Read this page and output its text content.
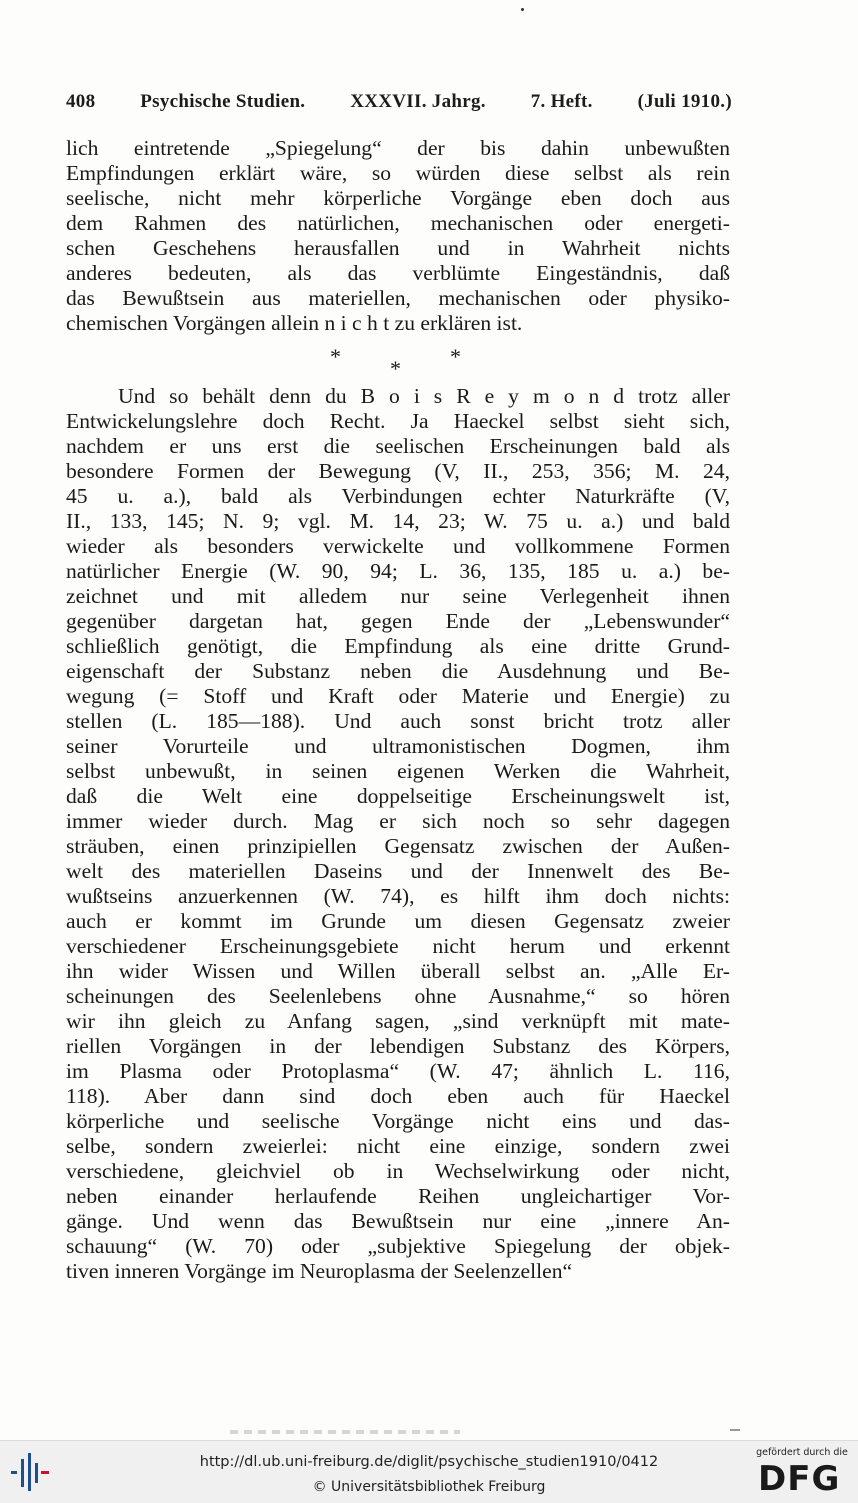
408 Psychische Studien. XXXVII. Jahrg. 7. Heft. (Juli 1910.)
lich eintretende „Spiegelung“ der bis dahin unbewußten
Empfindungen erklärt wäre, so würden diese selbst als rein
seelische, nicht mehr körperliche Vorgänge eben doch aus
dem Rahmen des natürlichen, mechanischen oder energeti-
schen Geschehens herausfallen und in Wahrheit nichts
anderes bedeuten, als das verblümte Eingeständnis, daß
das Bewußtsein aus materiellen, mechanischen oder physiko-
chemischen Vorgängen allein n i c h t zu erklären ist.
* * *
Und so behält denn du B o i s R e y m o n d trotz aller
Entwickelungslehre doch Recht. Ja Haeckel selbst sieht sich,
nachdem er uns erst die seelischen Erscheinungen bald als
besondere Formen der Bewegung (V, II., 253, 356; M. 24,
45 u. a.), bald als Verbindungen echter Naturkräfte (V,
II., 133, 145; N. 9; vgl. M. 14, 23; W. 75 u. a.) und bald
wieder als besonders verwickelte und vollkommene Formen
natürlicher Energie (W. 90, 94; L. 36, 135, 185 u. a.) be-
zeichnet und mit alledem nur seine Verlegenheit ihnen
gegenüber dargetan hat, gegen Ende der „Lebenswunder“
schließlich genötigt, die Empfindung als eine dritte Grund-
eigenschaft der Substanz neben die Ausdehnung und Be-
wegung (= Stoff und Kraft oder Materie und Energie) zu
stellen (L. 185—188). Und auch sonst bricht trotz aller
seiner Vorurteile und ultramonistischen Dogmen, ihm
selbst unbewußt, in seinen eigenen Werken die Wahrheit,
daß die Welt eine doppelseitige Erscheinungswelt ist,
immer wieder durch. Mag er sich noch so sehr dagegen
sträuben, einen prinzipiellen Gegensatz zwischen der Außen-
welt des materiellen Daseins und der Innenwelt des Be-
wußtseins anzuerkennen (W. 74), es hilft ihm doch nichts:
auch er kommt im Grunde um diesen Gegensatz zweier
verschiedener Erscheinungsgebiete nicht herum und erkennt
ihn wider Wissen und Willen überall selbst an. „Alle Er-
scheinungen des Seelenlebens ohne Ausnahme,“ so hören
wir ihn gleich zu Anfang sagen, „sind verknüpft mit mate-
riellen Vorgängen in der lebendigen Substanz des Körpers,
im Plasma oder Protoplasma“ (W. 47; ähnlich L. 116,
118). Aber dann sind doch eben auch für Haeckel
körperliche und seelische Vorgänge nicht eins und das-
selbe, sondern zweierlei: nicht eine einzige, sondern zwei
verschiedene, gleichviel ob in Wechselwirkung oder nicht,
neben einander herlaufende Reihen ungleichartiger Vor-
gänge. Und wenn das Bewußtsein nur eine „innere An-
schauung“ (W. 70) oder „subjektive Spiegelung der objek-
tiven inneren Vorgänge im Neuroplasma der Seelenzellen“
http://dl.ub.uni-freiburg.de/diglit/psychische_studien1910/0412
© Universitätsbibliothek Freiburg
gefördert durch die
DFG
